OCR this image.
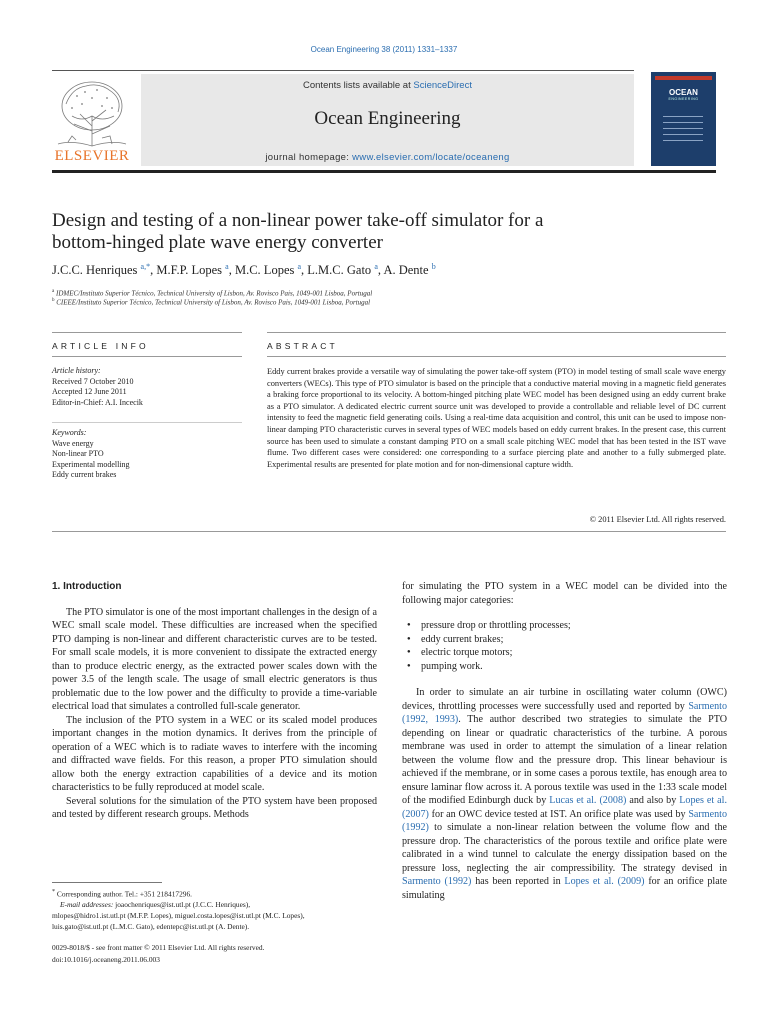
Ocean Engineering 38 (2011) 1331–1337
ELSEVIER
Contents lists available at ScienceDirect
Ocean Engineering
journal homepage: www.elsevier.com/locate/oceaneng
OCEAN
ENGINEERING
Design and testing of a non-linear power take-off simulator for a
bottom-hinged plate wave energy converter
J.C.C. Henriques $^{a,*}$, M.F.P. Lopes $^a$, M.C. Lopes $^a$, L.M.C. Gato $^a$, A. Dente $^b$
$^a$ IDMEC/Instituto Superior Técnico, Technical University of Lisbon, Av. Rovisco Pais, 1049-001 Lisboa, Portugal
$^b$ CIEEE/Instituto Superior Técnico, Technical University of Lisbon, Av. Rovisco Pais, 1049-001 Lisboa, Portugal
ARTICLE INFO	ABSTRACT
Article history:
Received 7 October 2010
Accepted 12 June 2011
Editor-in-Chief: A.I. Incecik
Keywords:
Wave energy
Non-linear PTO
Experimental modelling
Eddy current brakes
Eddy current brakes provide a versatile way of simulating the power take-off system (PTO) in model testing of small scale wave energy converters (WECs). This type of PTO simulator is based on the principle that a conductive material moving in a magnetic field generates a braking force proportional to its velocity. A bottom-hinged pitching plate WEC model has been designed using an eddy current brake as a PTO simulator. A dedicated electric current source unit was developed to provide a controllable and reliable level of DC current intensity to feed the magnetic field generating coils. Using a real-time data acquisition and control, this unit can be used to impose non-linear damping PTO characteristic curves in several types of WEC models based on eddy current brakes. In the present case, this current source has been used to simulate a constant damping PTO on a small scale pitching WEC model that has been tested in the IST wave flume. Two different cases were considered: one corresponding to a surface piercing plate and another to a fully submerged plate. Experimental results are presented for plate motion and for non-dimensional capture width.
© 2011 Elsevier Ltd. All rights reserved.
1. Introduction

The PTO simulator is one of the most important challenges in the design of a WEC small scale model. These difficulties are increased when the specified PTO damping is non-linear and different characteristic curves are to be tested. For small scale models, it is more convenient to dissipate the extracted energy than to produce electric energy, as the extracted power scales down with the power 3.5 of the length scale. The usage of small electric generators is thus problematic due to the low power and the difficulty to provide a time-variable electrical load that simulates a controlled full-scale generator.

The inclusion of the PTO system in a WEC or its scaled model produces important changes in the motion dynamics. It derives from the principle of operation of a WEC which is to radiate waves to interfere with the incoming and diffracted wave fields. For this reason, a proper PTO simulation should allow both the energy extraction capabilities of a device and its motion characteristics to be fully reproduced at model scale.

Several solutions for the simulation of the PTO system have been proposed and tested by different research groups. Methods

for simulating the PTO system in a WEC model can be divided into the following major categories:

● pressure drop or throttling processes;
● eddy current brakes;
● electric torque motors;
● pumping work.

In order to simulate an air turbine in oscillating water column (OWC) devices, throttling processes were successfully used and reported by Sarmento (1992, 1993). The author described two strategies to simulate the PTO depending on linear or quadratic characteristics of the turbine. A porous membrane was used in order to attempt the simulation of a linear relation between the volume flow and the pressure drop. This linear behaviour is achieved if the membrane, or in some cases a porous textile, has enough area to ensure laminar flow across it. A porous textile was used in the 1:33 scale model of the modified Edinburgh duck by Lucas et al. (2008) and also by Lopes et al. (2007) for an OWC device tested at IST. An orifice plate was used by Sarmento (1992) to simulate a non-linear relation between the volume flow and the pressure drop. The characteristics of the porous textile and orifice plate were calibrated in a wind tunnel to calculate the energy dissipation based on the pressure loss, neglecting the air compressibility. The strategy devised in Sarmento (1992) has been reported in Lopes et al. (2009) for an orifice plate simulating

* Corresponding author. Tel.: +351 218417296.
E-mail addresses: joaochenriques@ist.utl.pt (J.C.C. Henriques),
mlopes@hidro1.ist.utl.pt (M.F.P. Lopes), miguel.costa.lopes@ist.utl.pt (M.C. Lopes),
luis.gato@ist.utl.pt (L.M.C. Gato), edentepc@ist.utl.pt (A. Dente).
0029-8018/$ - see front matter © 2011 Elsevier Ltd. All rights reserved.
doi:10.1016/j.oceaneng.2011.06.003
